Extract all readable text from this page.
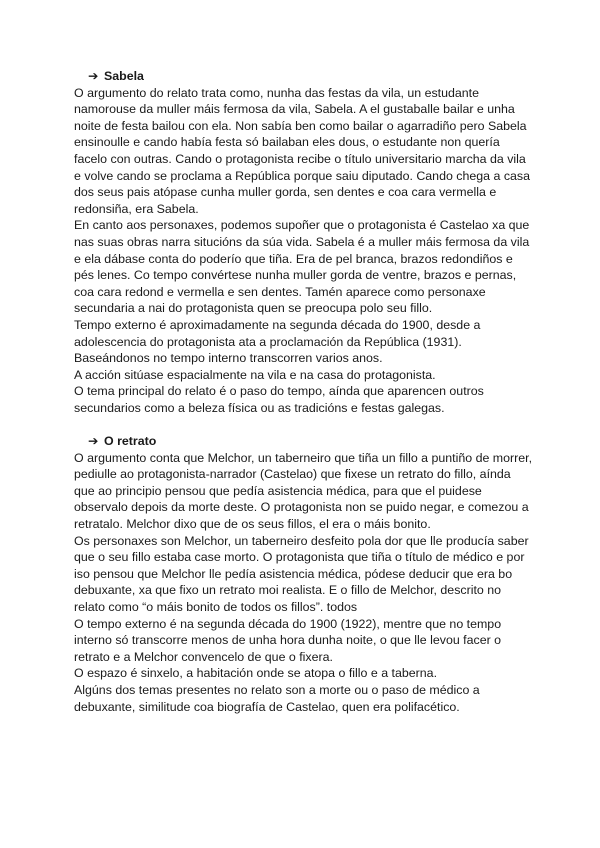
➔ Sabela

O argumento do relato trata como, nunha das festas da vila, un estudante namorouse da muller máis fermosa da vila, Sabela. A el gustaballe bailar e unha noite de festa bailou con ela. Non sabía ben como bailar o agarradiño pero Sabela ensinoulle e cando había festa só bailaban eles dous, o estudante non quería facelo con outras. Cando o protagonista recibe o título universitario marcha da vila e volve cando se proclama a República porque saiu diputado. Cando chega a casa dos seus pais atópase cunha muller gorda, sen dentes e coa cara vermella e redonsiña, era Sabela.

En canto aos personaxes, podemos supoñer que o protagonista é Castelao xa que nas suas obras narra situcións da súa vida. Sabela é a muller máis fermosa da vila e ela dábase conta do poderío que tiña. Era de pel branca, brazos redondiños e pés lenes. Co tempo convértese nunha muller gorda de ventre, brazos e pernas, coa cara redond e vermella e sen dentes. Tamén aparece como personaxe secundaria a nai do protagonista quen se preocupa polo seu fillo.

Tempo externo é aproximadamente na segunda década do 1900, desde a adolescencia do protagonista ata a proclamación da República (1931).

Baseándonos no tempo interno transcorren varios anos.

A acción sitúase espacialmente na vila e na casa do protagonista.

O tema principal do relato é o paso do tempo, aínda que aparencen outros secundarios como a beleza física ou as tradicións e festas galegas.

➔ O retrato

O argumento conta que Melchor, un taberneiro que tiña un fillo a puntiño de morrer, pediulle ao protagonista-narrador (Castelao) que fixese un retrato do fillo, aínda que ao principio pensou que pedía asistencia médica, para que el puidese observalo depois da morte deste. O protagonista non se puido negar, e comezou a retratalo. Melchor dixo que de os seus fillos, el era o máis bonito.

Os personaxes son Melchor, un taberneiro desfeito pola dor que lle producía saber que o seu fillo estaba case morto. O protagonista que tiña o título de médico e por iso pensou que Melchor lle pedía asistencia médica, pódese deducir que era bo debuxante, xa que fixo un retrato moi realista. E o fillo de Melchor, descrito no relato como “o máis bonito de todos os fillos”. todos

O tempo externo é na segunda década do 1900 (1922), mentre que no tempo interno só transcorre menos de unha hora dunha noite, o que lle levou facer o retrato e a Melchor convencelo de que o fixera.

O espazo é sinxelo, a habitación onde se atopa o fillo e a taberna.

Algúns dos temas presentes no relato son a morte ou o paso de médico a debuxante, similitude coa biografía de Castelao, quen era polifacético.
